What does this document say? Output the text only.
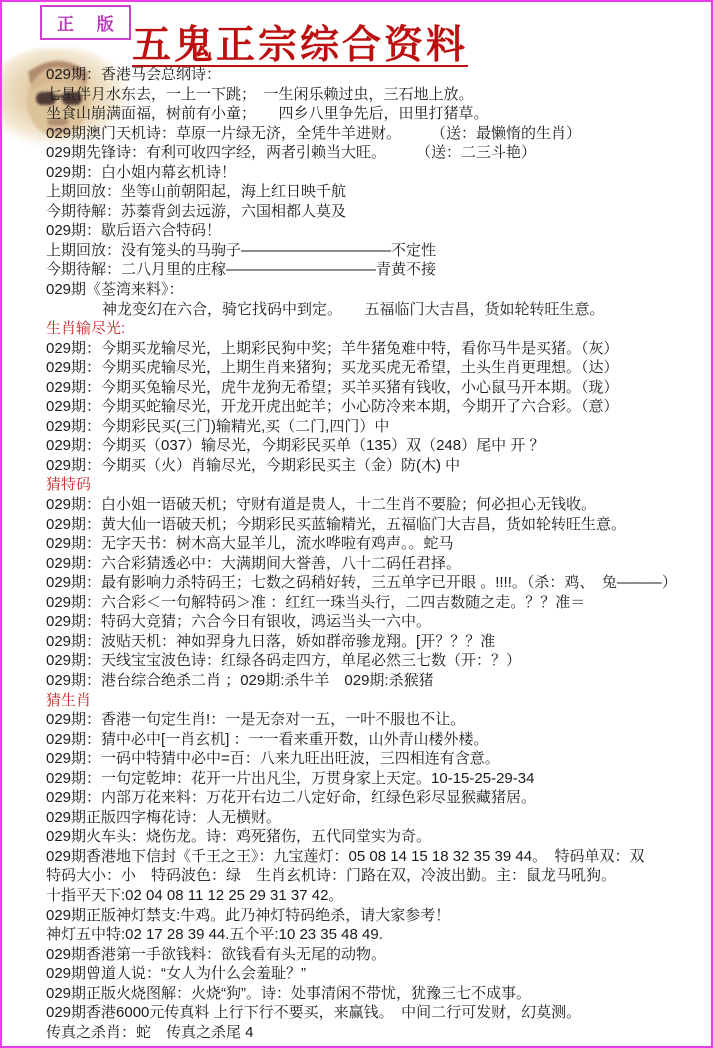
正 版 五鬼正宗综合资料
029期：香港马会总纲诗：
七星伴月水东去，一上一下跳；　一生闲乐赖过虫，三石地上放。
坐食山崩满面福，树前有小童；　　四乡八里争先后，田里打猪草。
029期澳门天机诗：草原一片绿无济，全凭牛羊进财。　　　（送：最懒惰的生肖）
029期先锋诗：有利可收四字经，两者引赖当大旺。　　　（送：二三斗艳）
029期：白小姐内幕玄机诗！
上期回放：坐等山前朝阳起，海上红日映千航
今期待解：苏蓁背剑去远游，六国相都人莫及
029期：歇后语六合特码！
上期回放：没有笼头的马驹子——————————不定性
今期待解：二八月里的庄稼——————————青黄不接
029期《荃湾来料》：
神龙变幻在六合，骑它找码中到定。　　五福临门大吉昌，货如轮转旺生意。
生肖输尽光:
029期：今期买龙输尽光，上期彩民狗中奖；羊牛猪兔难中特，看你马牛是买猪。（灰）
029期：今期买虎输尽光，上期生肖来猪狗；买龙买虎无希望，土头生肖更理想。（达）
029期：今期买兔输尽光，虎牛龙狗无希望；买羊买猪有钱收，小心鼠马开本期。（珑）
029期：今期买蛇输尽光，开龙开虎出蛇羊；小心防冷来本期，今期开了六合彩。（意）
029期：今期彩民买(三门)输精光,买（二门,四门）中
029期：今期买（037）输尽光，今期彩民买单（135）双（248）尾中 开 ？
029期：今期买（火）肖输尽光，今期彩民买主（金）防(木) 中
猜特码
029期：白小姐一语破天机；守财有道是贵人，十二生肖不要脸；何必担心无钱收。
029期：黄大仙一语破天机；今期彩民买蓝输精光，五福临门大吉昌，货如轮转旺生意。
029期：无字天书：树木高大显羊儿，流水哗啦有鸡声。。蛇马
029期：六合彩猜透必中：大满期间大誉善，八十二码任君择。
029期：最有影响力杀特码王；七数之码稍好转，三五单字已开眼 。!!!!。（杀：鸡、　兔———）
029期：六合彩＜一句解特码＞准 ：红红一珠当头行，二四吉数随之走。？？准＝
029期：特码大竞猜；六合今日有银收，鸿运当头一六中。
029期：波贴天机：神如羿身九日落，娇如群帝骖龙翔。[开？？？准
029期：天线宝宝波色诗：红绿各码走四方，单尾必然三七数（开：？）
029期：港台综合绝杀二肖 ；029期:杀牛羊　029期:杀猴猪
猜生肖
029期：香港一句定生肖!：一是无奈对一五，一叶不服也不让。
029期：猜中必中[一肖玄机] ：一一看来重开数，山外青山楼外楼。
029期：一码中特猜中必中=百：八来九旺出旺波，三四相连有含意。
029期：一句定乾坤：花开一片出凡尘，万贯身家上天定。10-15-25-29-34
029期：内部万花来料：万花开右边二八定好命，红绿色彩尽显猴藏猪居。
029期正版四字梅花诗：人无横财。
029期火车头：烧伤龙。诗：鸡死猪伤，五代同堂实为奇。
029期香港地下信封《千王之王》：九宝莲灯：05 08 14 15 18 32 35 39 44。　特码单双：双
特码大小：小　特码波色：绿　生肖玄机诗：门路在双，冷波出勤。主：鼠龙马吼狗。
十指平天下:02 04 08 11 12 25 29 31 37 42。
029期正版神灯禁支:牛鸡。此乃神灯特码绝杀，请大家参考！
神灯五中特:02 17 28 39 44.五个平:10 23 35 48 49.
029期香港第一手欲钱料：欲钱看有头无尾的动物。
029期曾道人说：“女人为什么会羞耻？”
029期正版火烧图解：火烧“狗”。诗：处事清闲不带忧，犹豫三七不成事。
029期香港6000元传真料 上行下行不要买，来赢钱。　中间二行可发财，幻莫测。
传真之杀肖：蛇　传真之杀尾 4
